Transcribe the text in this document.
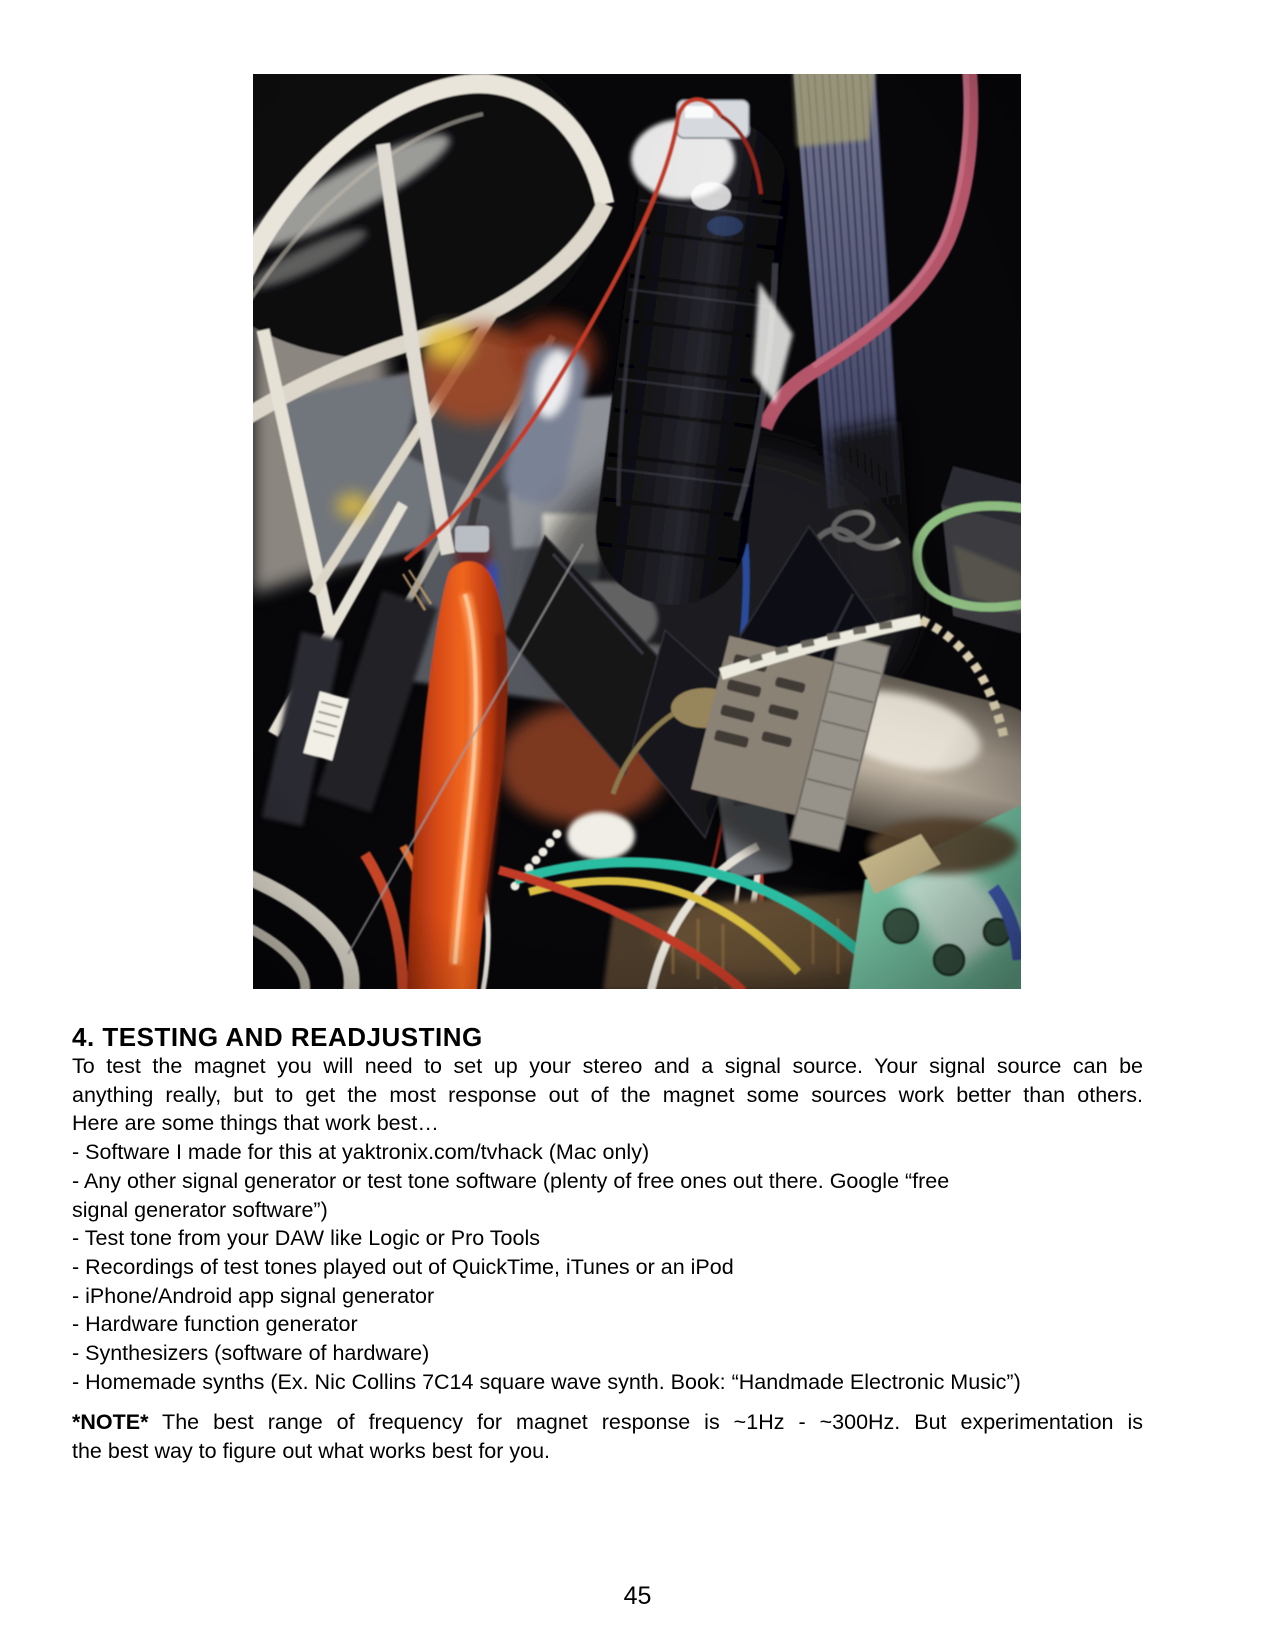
4. TESTING AND READJUSTING
To test the magnet you will need to set up your stereo and a signal source. Your signal source can be
anything really, but to get the most response out of the magnet some sources work better than others.
Here are some things that work best…
- Software I made for this at yaktronix.com/tvhack (Mac only)
- Any other signal generator or test tone software (plenty of free ones out there. Google “free
signal generator software”)
- Test tone from your DAW like Logic or Pro Tools
- Recordings of test tones played out of QuickTime, iTunes or an iPod
- iPhone/Android app signal generator
- Hardware function generator
- Synthesizers (software of hardware)
- Homemade synths (Ex. Nic Collins 7C14 square wave synth. Book: “Handmade Electronic Music”)
*NOTE* The best range of frequency for magnet response is ~1Hz - ~300Hz. But experimentation is
the best way to figure out what works best for you.
45
